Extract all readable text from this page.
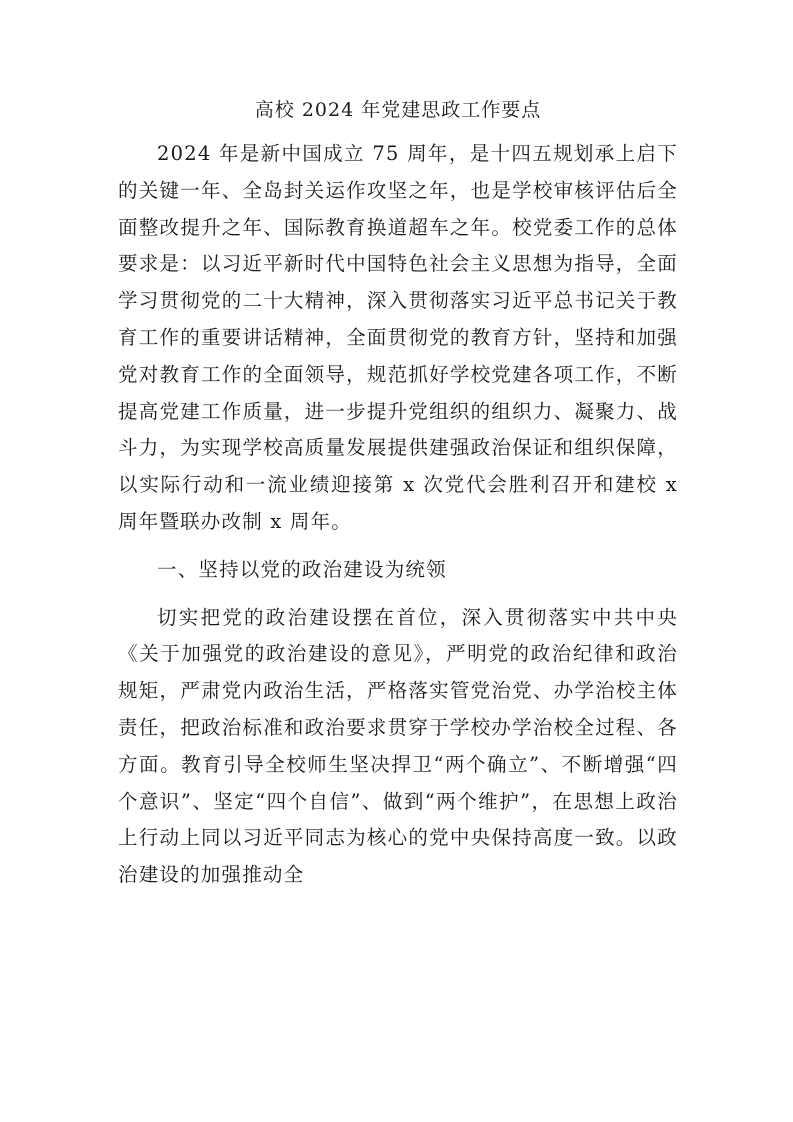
高校 2024 年党建思政工作要点

2024 年是新中国成立 75 周年，是十四五规划承上启下的关键一年、全岛封关运作攻坚之年，也是学校审核评估后全面整改提升之年、国际教育换道超车之年。校党委工作的总体要求是：以习近平新时代中国特色社会主义思想为指导，全面学习贯彻党的二十大精神，深入贯彻落实习近平总书记关于教育工作的重要讲话精神，全面贯彻党的教育方针，坚持和加强党对教育工作的全面领导，规范抓好学校党建各项工作，不断提高党建工作质量，进一步提升党组织的组织力、凝聚力、战斗力，为实现学校高质量发展提供建强政治保证和组织保障，以实际行动和一流业绩迎接第 x 次党代会胜利召开和建校 x 周年暨联办改制 x 周年。

一、坚持以党的政治建设为统领

切实把党的政治建设摆在首位，深入贯彻落实中共中央《关于加强党的政治建设的意见》，严明党的政治纪律和政治规矩，严肃党内政治生活，严格落实管党治党、办学治校主体责任，把政治标准和政治要求贯穿于学校办学治校全过程、各方面。教育引导全校师生坚决捍卫“两个确立”、不断增强“四个意识”、坚定“四个自信”、做到“两个维护”，在思想上政治上行动上同以习近平同志为核心的党中央保持高度一致。以政治建设的加强推动全
